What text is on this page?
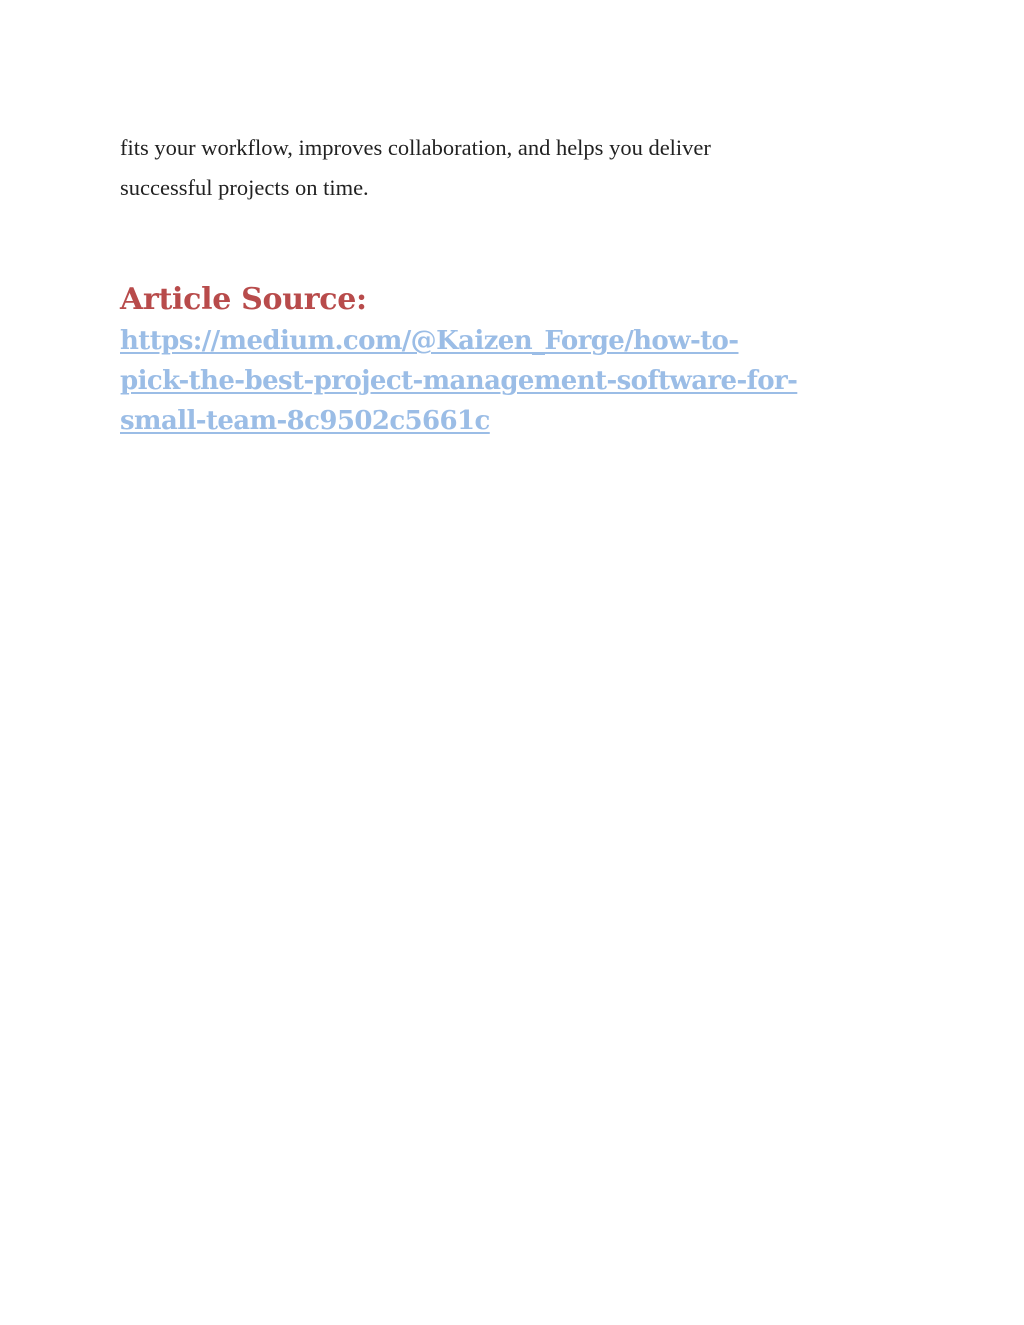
fits your workflow, improves collaboration, and helps you deliver
successful projects on time.

Article Source:
https://medium.com/@Kaizen_Forge/how-to-
pick-the-best-project-management-software-for-
small-team-8c9502c5661c
